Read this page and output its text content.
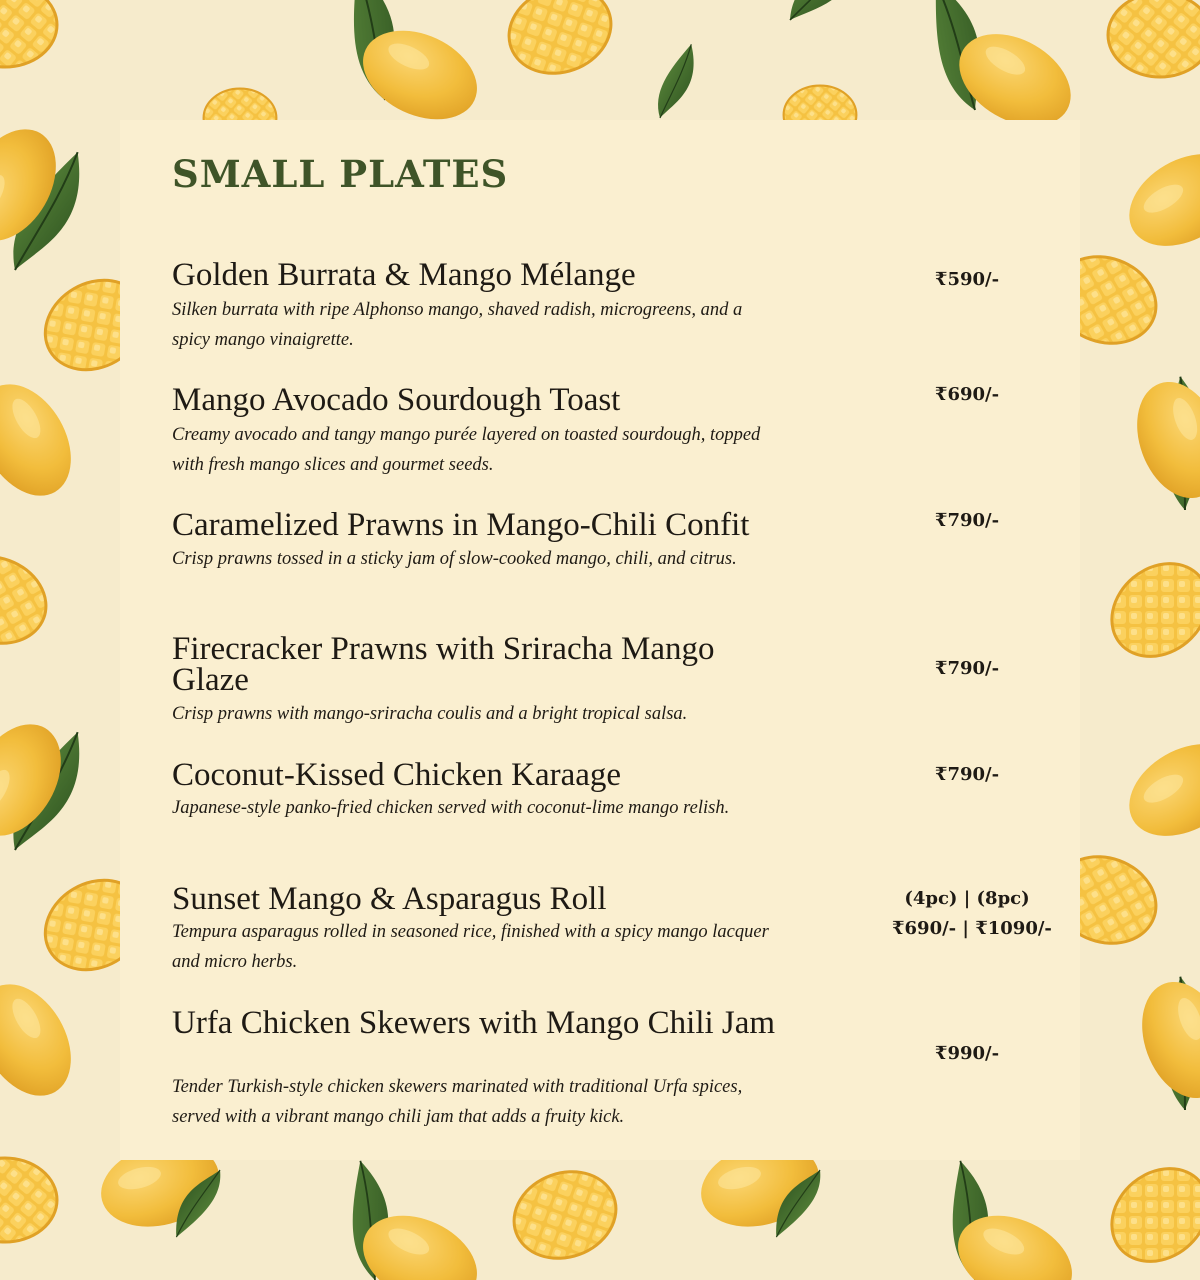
SMALL PLATES
Golden Burrata & Mango Mélange

Silken burrata with ripe Alphonso mango, shaved radish, microgreens, and a spicy mango vinaigrette.

₹590/-
Mango Avocado Sourdough Toast

Creamy avocado and tangy mango purée layered on toasted sourdough, topped with fresh mango slices and gourmet seeds.

₹690/-
Caramelized Prawns in Mango-Chili Confit

Crisp prawns tossed in a sticky jam of slow-cooked mango, chili, and citrus.

₹790/-
Firecracker Prawns with Sriracha Mango Glaze

Crisp prawns with mango-sriracha coulis and a bright tropical salsa.

₹790/-
Coconut-Kissed Chicken Karaage

Japanese-style panko-fried chicken served with coconut-lime mango relish.

₹790/-
Sunset Mango & Asparagus Roll

Tempura asparagus rolled in seasoned rice, finished with a spicy mango lacquer and micro herbs.

(4pc) | (8pc)
₹690/- | ₹1090/-
Urfa Chicken Skewers with Mango Chili Jam

Tender Turkish-style chicken skewers marinated with traditional Urfa spices, served with a vibrant mango chili jam that adds a fruity kick.

₹990/-
